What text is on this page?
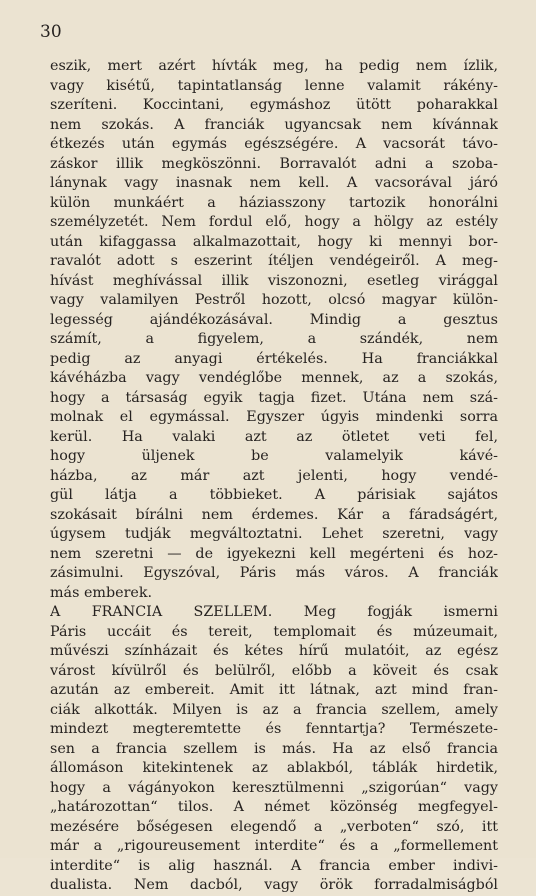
30
eszik, mert azért hívták meg, ha pedig nem ízlik,
vagy kisétű, tapintatlanság lenne valamit rákény-
szeríteni. Koccintani, egymáshoz ütött poharakkal
nem szokás. A franciák ugyancsak nem kívánnak
étkezés után egymás egészségére. A vacsorát távo-
záskor illik megköszönni. Borravalót adni a szoba-
lánynak vagy inasnak nem kell. A vacsorával járó
külön munkáért a háziasszony tartozik honorálni
személyzetét. Nem fordul elő, hogy a hölgy az estély
után kifaggassa alkalmazottait, hogy ki mennyi bor-
ravalót adott s eszerint ítéljen vendégeiről. A meg-
hívást meghívással illik viszonozni, esetleg virággal
vagy valamilyen Pestről hozott, olcsó magyar külön-
legesség ajándékozásával. Mindig a gesztus
számít, a figyelem, a szándék, nem
pedig az anyagi értékelés. Ha franciákkal
kávéházba vagy vendéglőbe mennek, az a szokás,
hogy a társaság egyik tagja fizet. Utána nem szá-
molnak el egymással. Egyszer úgyis mindenki sorra
kerül. Ha valaki azt az ötletet veti fel,
hogy üljenek be valamelyik kávé-
házba, az már azt jelenti, hogy vendé-
gül látja a többieket. A párisiak sajátos
szokásait bírálni nem érdemes. Kár a fáradságért,
úgysem tudják megváltoztatni. Lehet szeretni, vagy
nem szeretni — de igyekezni kell megérteni és hoz-
zásimulni. Egyszóval, Páris más város. A franciák
más emberek.
A FRANCIA SZELLEM. Meg fogják ismerni
Páris uccáit és tereit, templomait és múzeumait,
művészi színházait és kétes hírű mulatóit, az egész
várost kívülről és belülről, előbb a köveit és csak
azután az embereit. Amit itt látnak, azt mind fran-
ciák alkották. Milyen is az a francia szellem, amely
mindezt megteremtette és fenntartja? Természete-
sen a francia szellem is más. Ha az első francia
állomáson kitekintenek az ablakból, táblák hirdetik,
hogy a vágányokon keresztülmenni „szigorúan“ vagy
„határozottan“ tilos. A német közönség megfegyel-
mezésére bőségesen elegendő a „verboten“ szó, itt
már a „rigoureusement interdite“ és a „formellement
interdite“ is alig használ. A francia ember indivi-
dualista. Nem dacból, vagy örök forradalmiságból
